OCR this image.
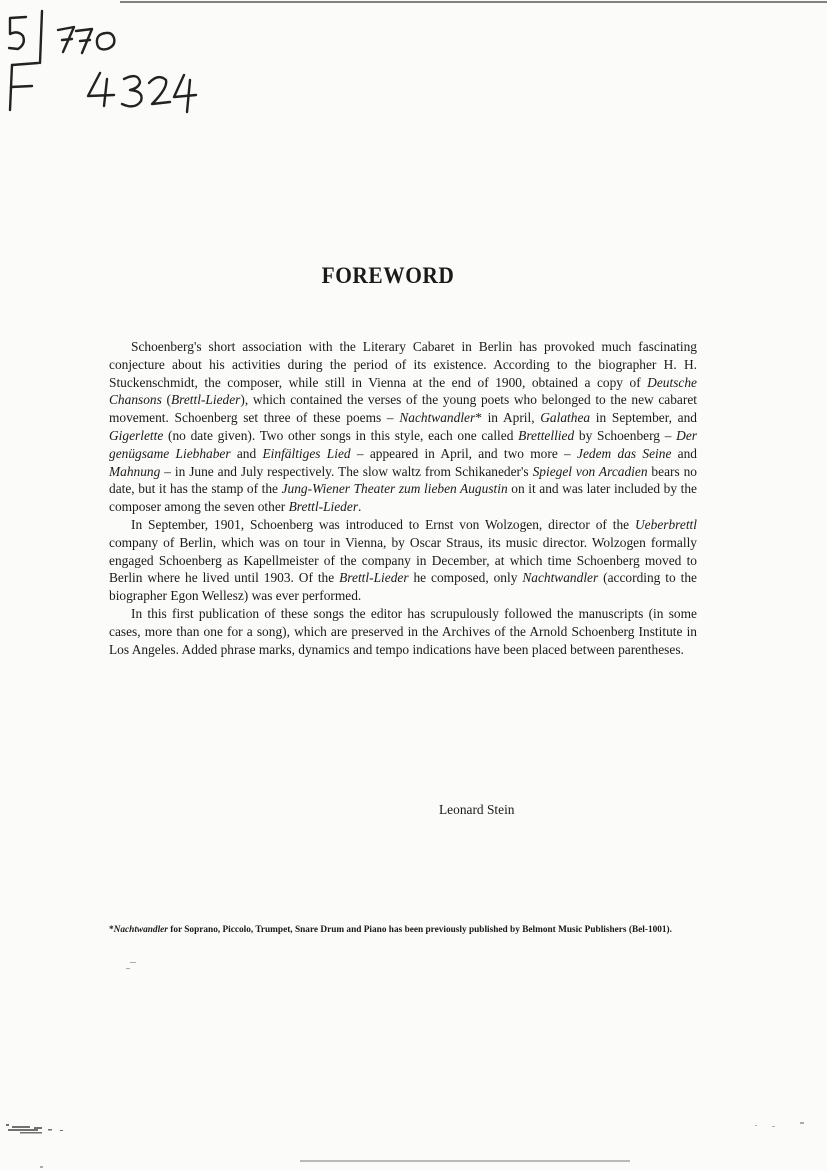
FOREWORD

Schoenberg's short association with the Literary Cabaret in Berlin has provoked much fascinating conjecture about his activities during the period of its existence. According to the biographer H. H. Stuckenschmidt, the composer, while still in Vienna at the end of 1900, obtained a copy of Deutsche Chansons (Brettl-Lieder), which contained the verses of the young poets who belonged to the new cabaret movement. Schoenberg set three of these poems – Nachtwandler* in April, Galathea in September, and Gigerlette (no date given). Two other songs in this style, each one called Brettellied by Schoenberg – Der genügsame Liebhaber and Einfältiges Lied – appeared in April, and two more – Jedem das Seine and Mahnung – in June and July respectively. The slow waltz from Schikaneder's Spiegel von Arcadien bears no date, but it has the stamp of the Jung-Wiener Theater zum lieben Augustin on it and was later included by the composer among the seven other Brettl-Lieder.

In September, 1901, Schoenberg was introduced to Ernst von Wolzogen, director of the Ueberbrettl company of Berlin, which was on tour in Vienna, by Oscar Straus, its music director. Wolzogen formally engaged Schoenberg as Kapellmeister of the company in December, at which time Schoenberg moved to Berlin where he lived until 1903. Of the Brettl-Lieder he composed, only Nachtwandler (according to the biographer Egon Wellesz) was ever performed.

In this first publication of these songs the editor has scrupulously followed the manuscripts (in some cases, more than one for a song), which are preserved in the Archives of the Arnold Schoenberg Institute in Los Angeles. Added phrase marks, dynamics and tempo indications have been placed between parentheses.

Leonard Stein
*Nachtwandler for Soprano, Piccolo, Trumpet, Snare Drum and Piano has been previously published by Belmont Music Publishers (Bel-1001).
